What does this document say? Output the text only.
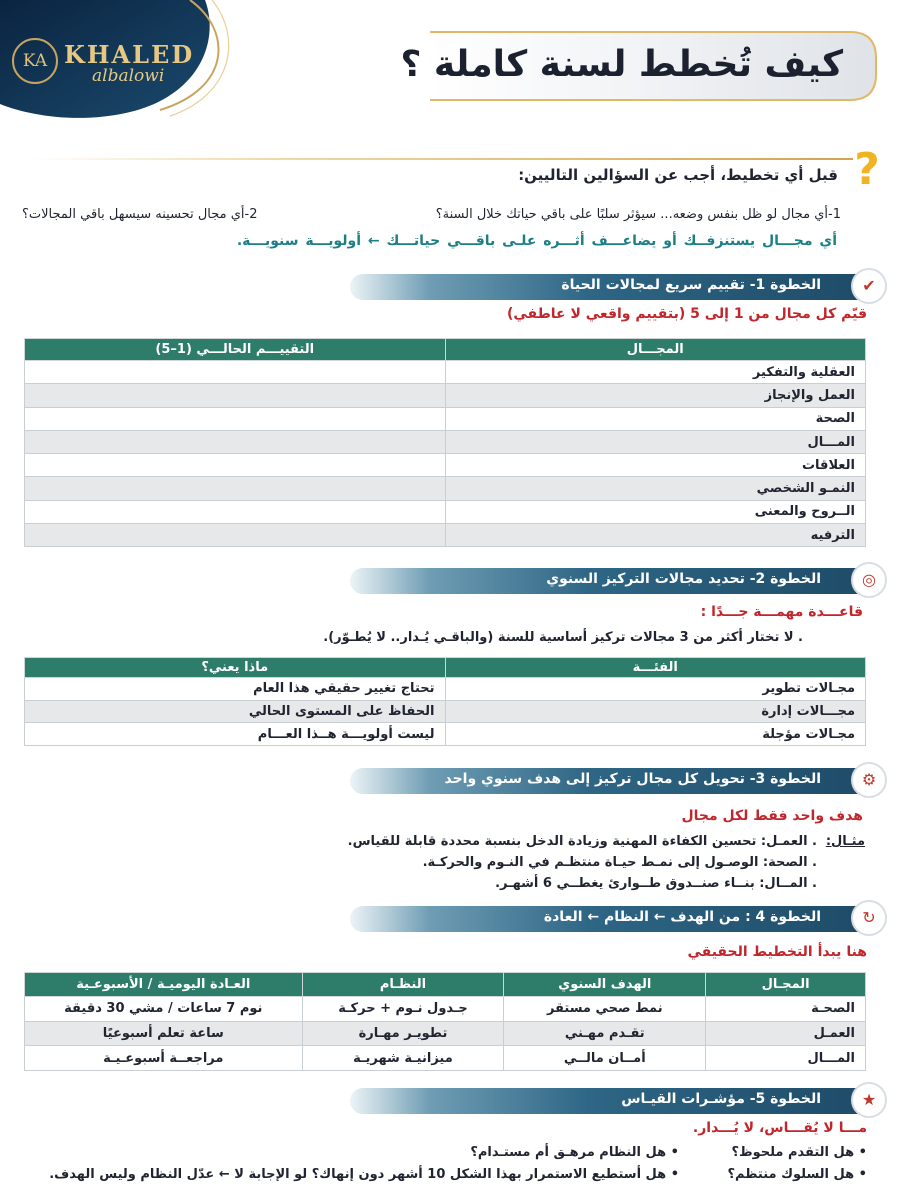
KA KHALED
albalowi	كيف تُخطط لسنة كاملة ؟
?
قبل أي تخطيط، أجب عن السؤالين التاليين:
1-أي مجال لو ظل بنفس وضعه... سيؤثر سلبًا على باقي حياتك خلال السنة؟
2-أي مجال تحسينه سيسهل باقي المجالات؟
أي مجـــال يستنزفــك أو يضاعـــف أثـــره علـى باقـــي حياتـــك ← أولويـــة سنويـــة.
✔
الخطوة 1- تقييم سريع لمجالات الحياة
قيّم كل مجال من 1 إلى 5 (بتقييم واقعي لا عاطفي)
المجـــال	التقييـــم الحالـــي (1–5)
العقلية والتفكير	
العمل والإنجاز	
الصحة	
المـــال	
العلاقات	
النمـو الشخصي	
الــروح والمعنى	
الترفيه	
◎
الخطوة 2- تحديد مجالات التركيز السنوي
قاعـــدة مهمـــة جـــدًا :
. لا تختار أكثر من 3 مجالات تركيز أساسية للسنة (والباقـي يُـدار.. لا يُطـوّر).
الفئـــة	ماذا يعني؟
مجـالات تطوير	تحتاج تغيير حقيقي هذا العام
مجـــالات إدارة	الحفاظ على المستوى الحالي
مجـالات مؤجلة	ليست أولويـــة هــذا العـــام
⚙
الخطوة 3- تحويل كل مجال تركيز إلى هدف سنوي واحد
هدف واحد فقط لكل مجال
مثـال:
. العمـل: تحسين الكفاءة المهنية وزيادة الدخل بنسبة محددة قابلة للقياس.
. الصحة: الوصـول إلى نمـط حيـاة منتظـم في النـوم والحركـة.
. المــال: بنــاء صنــدوق طــوارئ يغطــي 6 أشهـر.
↻
الخطوة 4 : من الهدف ← النظام ← العادة
هنا يبدأ التخطيط الحقيقي
المجـال	الهدف السنوي	النظـام	العـادة اليوميـة / الأسبوعـية
الصحـة	نمط صحي مستقر	جـدول نـوم + حركـة	نوم 7 ساعات / مشي 30 دقيقة
العمـل	تقـدم مهـني	تطويـر مهـارة	ساعة تعلم أسبوعيًا
المـــال	أمــان مالــي	ميزانيـة شهريـة	مراجعــة أسبوعـيـة
★
الخطوة 5- مؤشـرات القيـاس
مـــا لا يُقـــاس، لا يُـــدار.
• هل التقدم ملحوظ؟
• هل السلوك منتظم؟
• هل النظام مرهـق أم مستـدام؟
• هل أستطيع الاستمرار بهذا الشكل 10 أشهر دون إنهاك؟ لو الإجابة لا ← عدّل النظام وليس الهدف.
